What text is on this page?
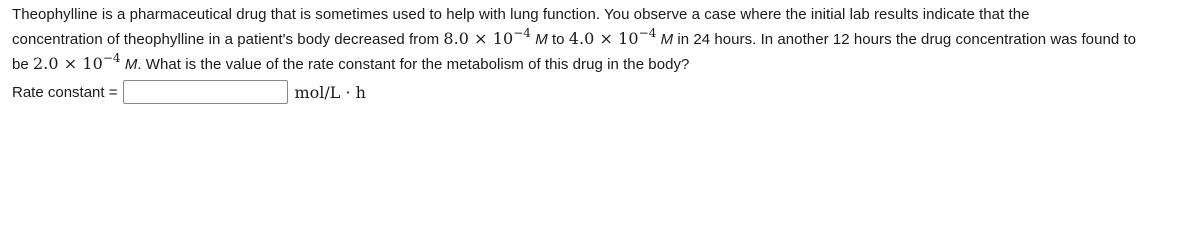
Theophylline is a pharmaceutical drug that is sometimes used to help with lung function. You observe a case where the initial lab results indicate that the
concentration of theophylline in a patient's body decreased from $8.0 \times 10^{-4}$ M to $4.0 \times 10^{-4}$ M in 24 hours. In another 12 hours the drug concentration was found to
be $2.0 \times 10^{-4}$ M. What is the value of the rate constant for the metabolism of this drug in the body?
Rate constant =	mol/L · h
